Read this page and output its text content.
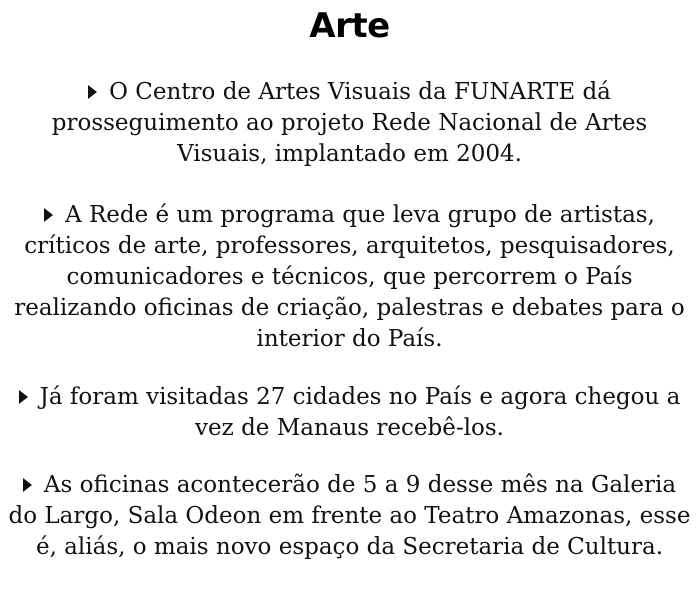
Arte
O Centro de Artes Visuais da FUNARTE dá prosseguimento ao projeto Rede Nacional de Artes Visuais, implantado em 2004.
A Rede é um programa que leva grupo de artistas, críticos de arte, professores, arquitetos, pesquisadores, comunicadores e técnicos, que percorrem o País realizando oficinas de criação, palestras e debates para o interior do País.
Já foram visitadas 27 cidades no País e agora chegou a vez de Manaus recebê-los.
As oficinas acontecerão de 5 a 9 desse mês na Galeria do Largo, Sala Odeon em frente ao Teatro Amazonas, esse é, aliás, o mais novo espaço da Secretaria de Cultura.
